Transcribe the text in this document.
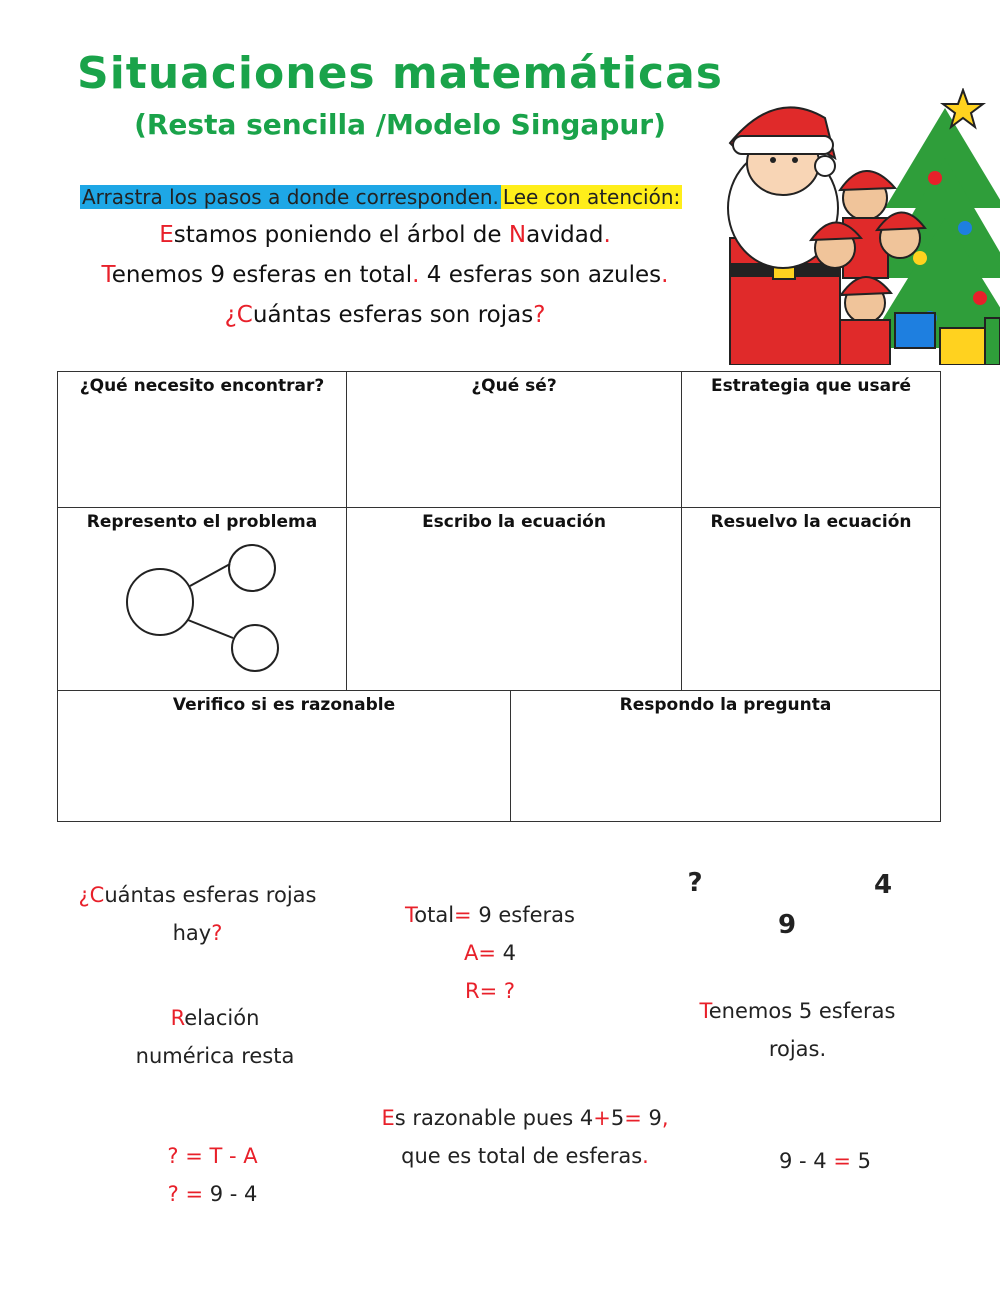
Situaciones matemáticas
(Resta sencilla /Modelo Singapur)
Arrastra los pasos a donde corresponden. Lee con atención:
Estamos poniendo el árbol de Navidad.
Tenemos 9 esferas en total. 4 esferas son azules.
¿Cuántas esferas son rojas?
¿Qué necesito encontrar?	¿Qué sé?	Estrategia que usaré
Represento el problema	Escribo la ecuación	Resuelvo la ecuación
Verifico si es razonable	Respondo la pregunta
¿Cuántas esferas rojas
hay?
Total= 9 esferas
A= 4
R= ?
?	4
9
Relación
numérica resta
Tenemos 5 esferas
rojas.
Es razonable pues 4+5= 9,
que es total de esferas.
? = T - A
? = 9 - 4
9 - 4 = 5
